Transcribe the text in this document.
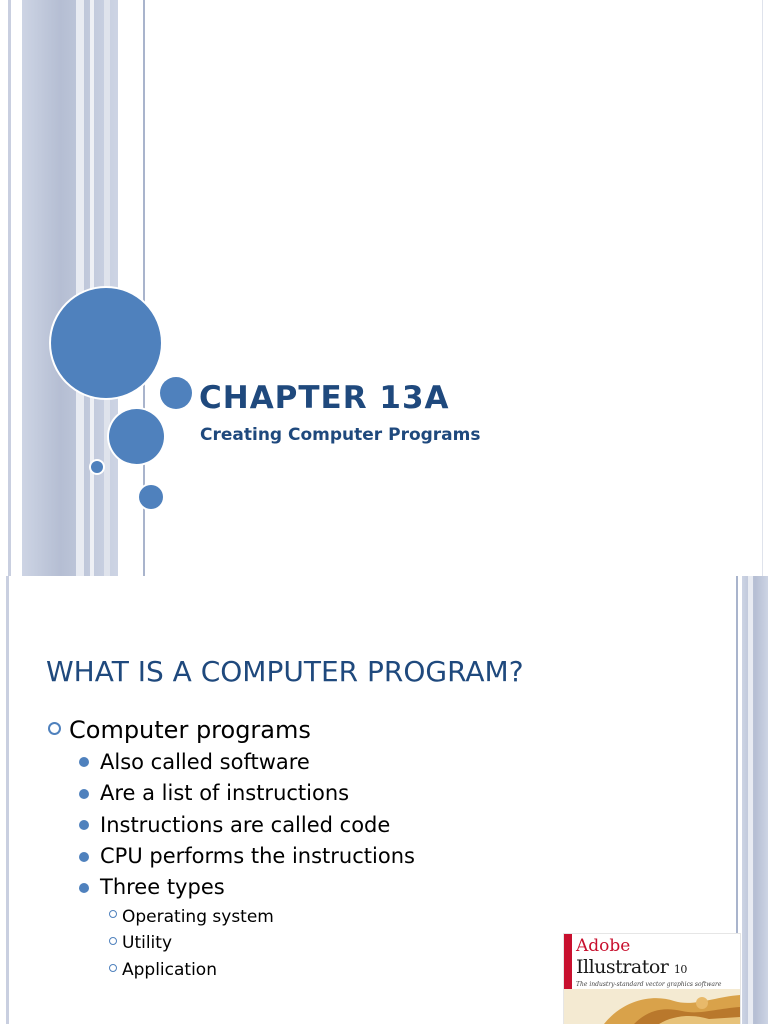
CHAPTER 13A
Creating Computer Programs
WHAT IS A COMPUTER PROGRAM?
Computer programs
Also called software
Are a list of instructions
Instructions are called code
CPU performs the instructions
Three types
Operating system
Utility
Application
Adobe
Illustrator 10
The industry-standard vector graphics software
